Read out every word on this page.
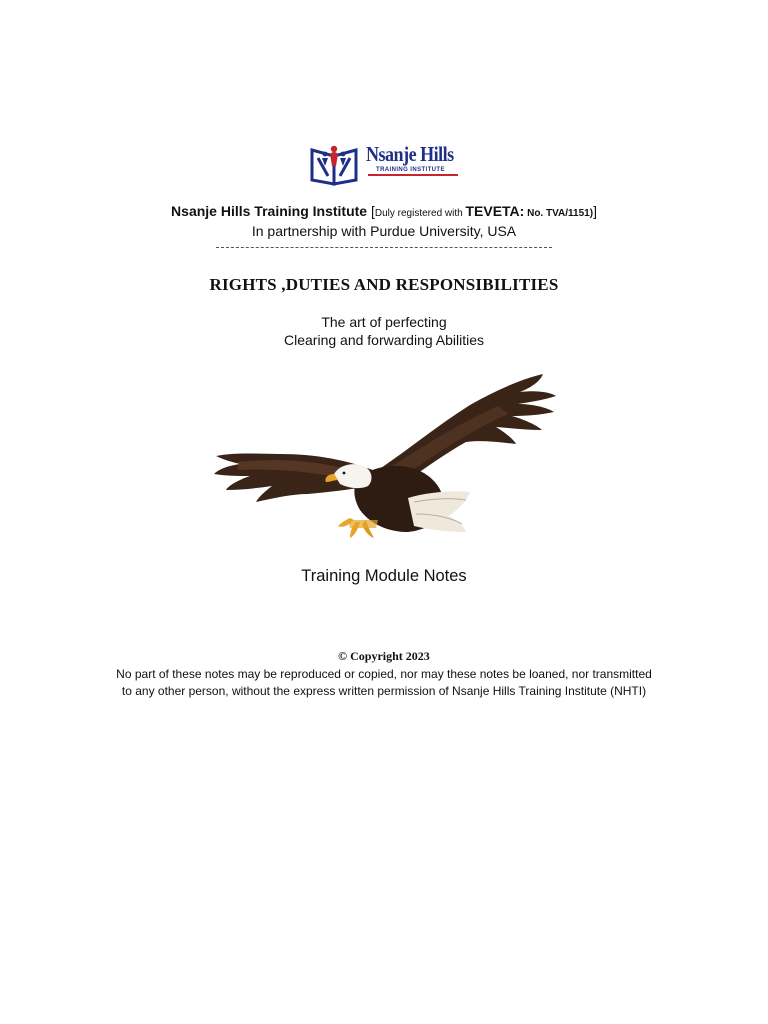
Nsanje Hills
TRAINING INSTITUTE
Nsanje Hills Training Institute [Duly registered with TEVETA: No. TVA/1151)]
In partnership with Purdue University, USA
RIGHTS ,DUTIES AND RESPONSIBILITIES
The art of perfecting
Clearing and forwarding Abilities
Training Module Notes
© Copyright 2023
No part of these notes may be reproduced or copied, nor may these notes be loaned, nor transmitted to any other person, without the express written permission of Nsanje Hills Training Institute (NHTI)
